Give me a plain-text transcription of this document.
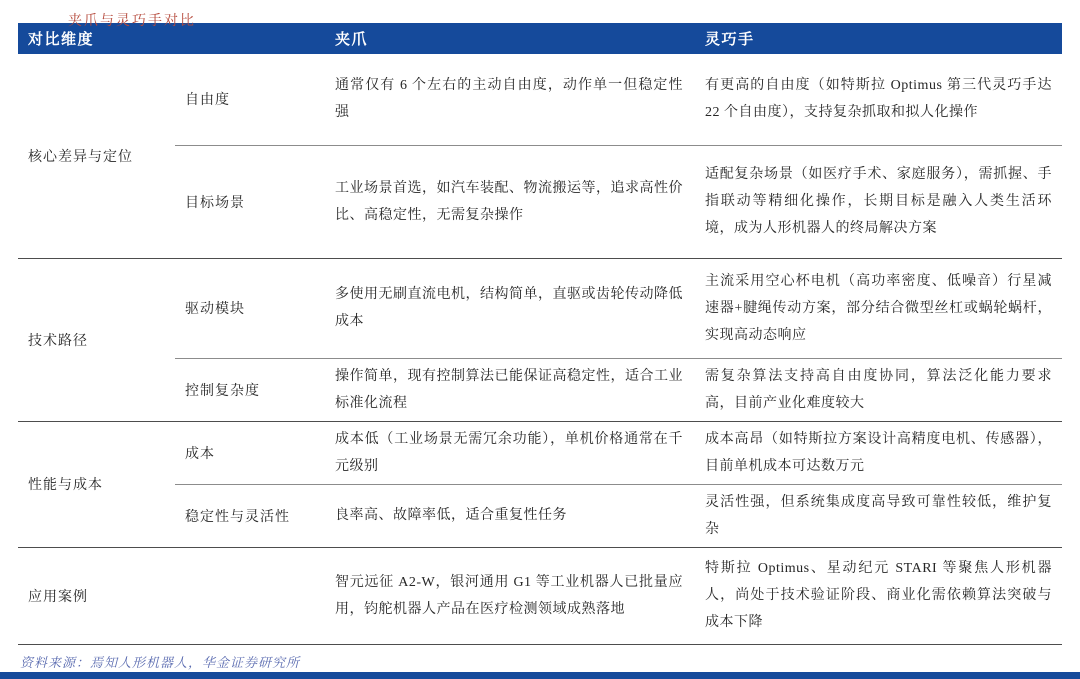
夹爪与灵巧手对比
对比维度		夹爪	灵巧手
核心差异与定位	自由度	通常仅有 6 个左右的主动自由度，动作单一但稳定性强	有更高的自由度（如特斯拉 Optimus 第三代灵巧手达 22 个自由度），支持复杂抓取和拟人化操作
	目标场景	工业场景首选，如汽车装配、物流搬运等，追求高性价比、高稳定性，无需复杂操作	适配复杂场景（如医疗手术、家庭服务），需抓握、手指联动等精细化操作，长期目标是融入人类生活环境，成为人形机器人的终局解决方案
技术路径	驱动模块	多使用无刷直流电机，结构简单，直驱或齿轮传动降低成本	主流采用空心杯电机（高功率密度、低噪音）行星减速器+腱绳传动方案，部分结合微型丝杠或蜗轮蜗杆，实现高动态响应
	控制复杂度	操作简单，现有控制算法已能保证高稳定性，适合工业标准化流程	需复杂算法支持高自由度协同，算法泛化能力要求高，目前产业化难度较大
性能与成本	成本	成本低（工业场景无需冗余功能），单机价格通常在千元级别	成本高昂（如特斯拉方案设计高精度电机、传感器），目前单机成本可达数万元
	稳定性与灵活性	良率高、故障率低，适合重复性任务	灵活性强，但系统集成度高导致可靠性较低，维护复杂
应用案例		智元远征 A2-W，银河通用 G1 等工业机器人已批量应用，钧舵机器人产品在医疗检测领域成熟落地	特斯拉 Optimus、星动纪元 STARI 等聚焦人形机器人，尚处于技术验证阶段、商业化需依赖算法突破与成本下降
资料来源：焉知人形机器人，华金证券研究所
